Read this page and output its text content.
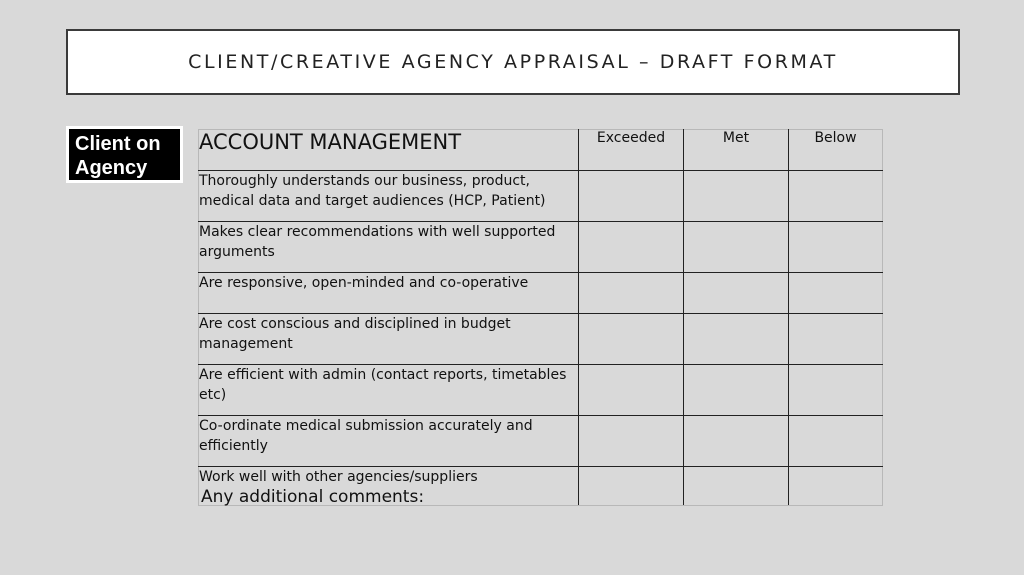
CLIENT/CREATIVE AGENCY APPRAISAL – DRAFT FORMAT
Client on Agency
ACCOUNT MANAGEMENT	Exceeded	Met	Below
Thoroughly understands our business, product, medical data and target audiences (HCP, Patient)			
Makes clear recommendations with well supported arguments			
Are responsive, open-minded and co-operative			
Are cost conscious and disciplined in budget management			
Are efficient with admin (contact reports, timetables etc)			
Co-ordinate medical submission accurately and efficiently			
Work well with other agencies/suppliers			
Any additional comments:
